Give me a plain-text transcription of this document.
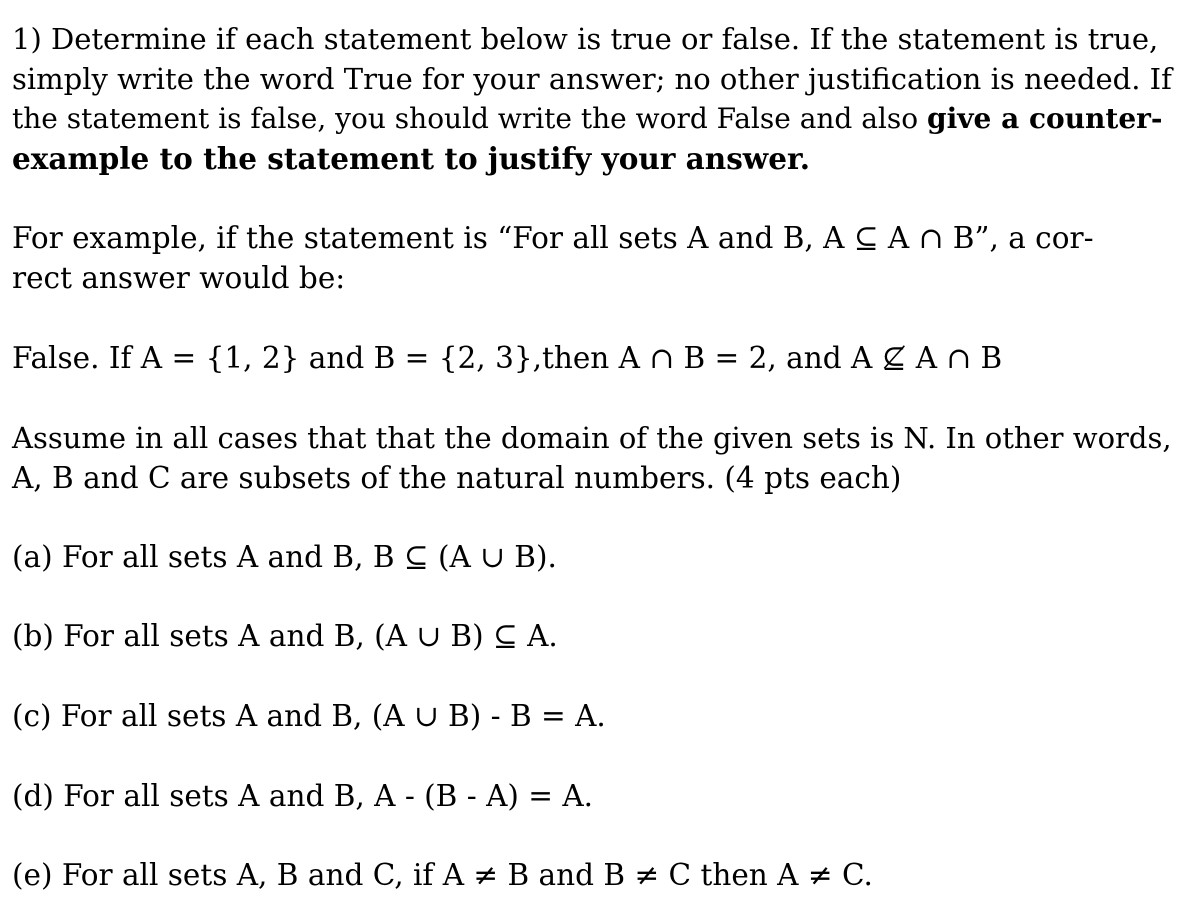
1) Determine if each statement below is true or false. If the statement is true,
simply write the word True for your answer; no other justification is needed. If
the statement is false, you should write the word False and also give a counter-
example to the statement to justify your answer.
For example, if the statement is “For all sets A and B, A ⊆ A ∩ B”, a cor-
rect answer would be:
False. If A = {1, 2} and B = {2, 3},then A ∩ B = 2, and A ⊈ A ∩ B
Assume in all cases that that the domain of the given sets is N. In other words,
A, B and C are subsets of the natural numbers. (4 pts each)
(a) For all sets A and B, B ⊆ (A ∪ B).
(b) For all sets A and B, (A ∪ B) ⊆ A.
(c) For all sets A and B, (A ∪ B) - B = A.
(d) For all sets A and B, A - (B - A) = A.
(e) For all sets A, B and C, if A ≠ B and B ≠ C then A ≠ C.
